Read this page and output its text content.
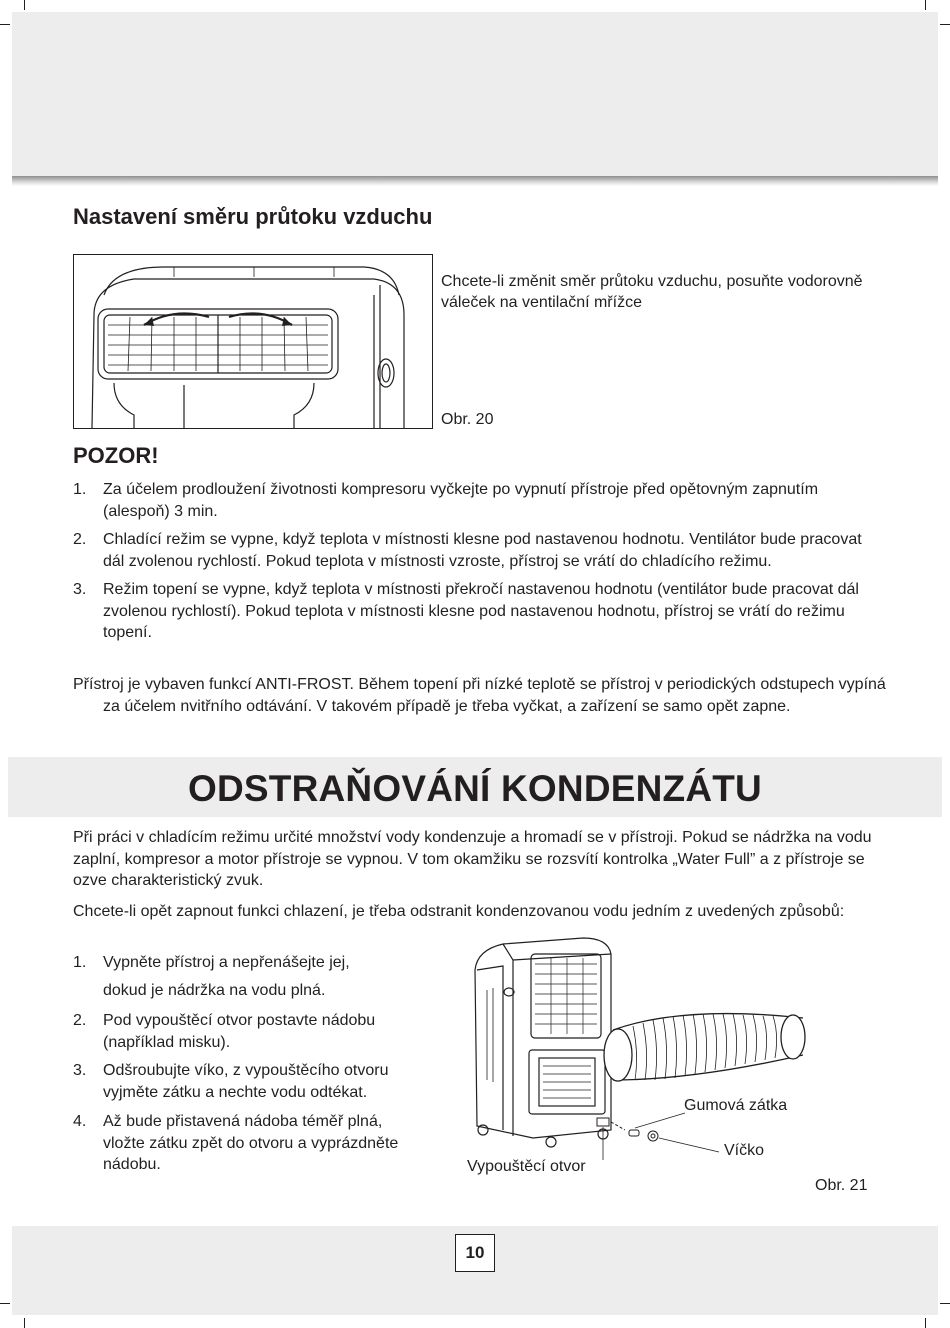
Nastavení směru průtoku vzduchu

Chcete-li změnit směr průtoku vzduchu, posuňte vodorovně váleček na ventilační mřížce

Obr. 20
POZOR!
1. Za účelem prodloužení životnosti kompresoru vyčkejte po vypnutí přístroje před opětovným zapnutím (alespoň) 3 min.
2. Chladící režim se vypne, když teplota v místnosti klesne pod nastavenou hodnotu. Ventilátor bude pracovat dál zvolenou rychlostí. Pokud teplota v místnosti vzroste, přístroj se vrátí do chladícího režimu.
3. Režim topení se vypne, když teplota v místnosti překročí nastavenou hodnotu (ventilátor bude pracovat dál zvolenou rychlostí). Pokud teplota v místnosti klesne pod nastavenou hodnotu, přístroj se vrátí do režimu topení.

Přístroj je vybaven funkcí ANTI-FROST. Během topení při nízké teplotě se přístroj v periodických odstupech vypíná za účelem nvitřního odtávání. V takovém případě je třeba vyčkat, a zařízení se samo opět zapne.

ODSTRAŇOVÁNÍ KONDENZÁTU

Při práci v chladícím režimu určité množství vody kondenzuje a hromadí se v přístroji. Pokud se nádržka na vodu zaplní, kompresor a motor přístroje se vypnou. V tom okamžiku se rozsvítí kontrolka „Water Full” a z přístroje se ozve charakteristický zvuk.

Chcete-li opět zapnout funkci chlazení, je třeba odstranit kondenzovanou vodu jedním z uvedených způsobů:

1. Vypněte přístroj a nepřenášejte jej,
dokud je nádržka na vodu plná.
2. Pod vypouštěcí otvor postavte nádobu
(například misku).
3. Odšroubujte víko, z vypouštěcího otvoru
vyjměte zátku a nechte vodu odtékat.
4. Až bude přistavená nádoba téměř plná,
vložte zátku zpět do otvoru a vyprázdněte
nádobu.
Gumová zátka
Víčko
Vypouštěcí otvor
Obr. 21
10
